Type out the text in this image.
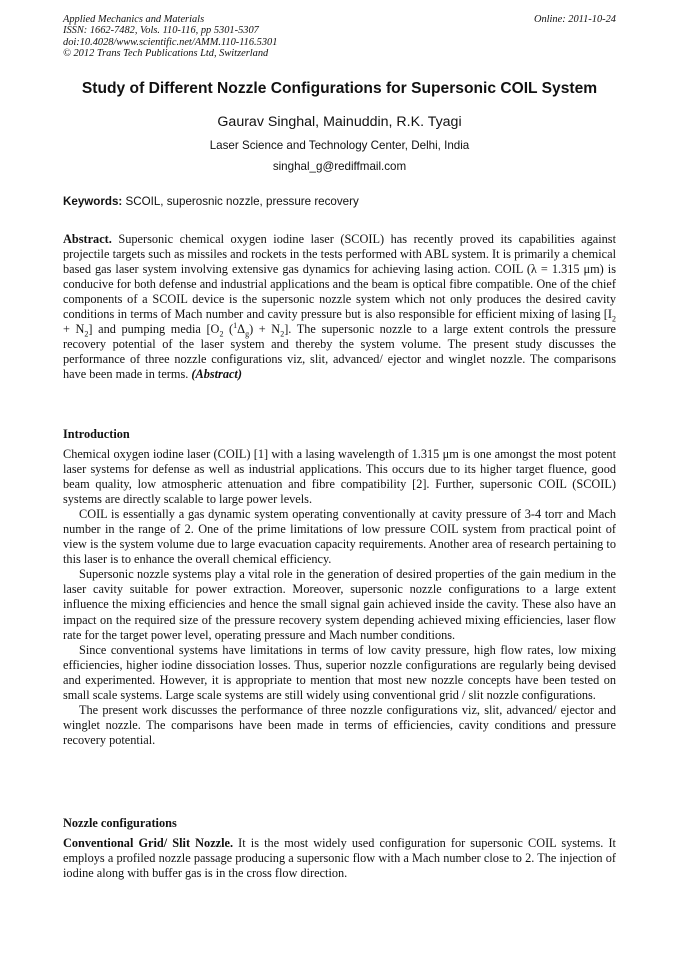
Applied Mechanics and Materials
ISSN: 1662-7482, Vols. 110-116, pp 5301-5307
doi:10.4028/www.scientific.net/AMM.110-116.5301
© 2012 Trans Tech Publications Ltd, Switzerland
Online: 2011-10-24
Study of Different Nozzle Configurations for Supersonic COIL System
Gaurav Singhal, Mainuddin, R.K. Tyagi
Laser Science and Technology Center, Delhi, India
singhal_g@rediffmail.com
Keywords: SCOIL, superosnic nozzle, pressure recovery

Abstract. Supersonic chemical oxygen iodine laser (SCOIL) has recently proved its capabilities against projectile targets such as missiles and rockets in the tests performed with ABL system. It is primarily a chemical based gas laser system involving extensive gas dynamics for achieving lasing action. COIL (λ = 1.315 μm) is conducive for both defense and industrial applications and the beam is optical fibre compatible. One of the chief components of a SCOIL device is the supersonic nozzle system which not only produces the desired cavity conditions in terms of Mach number and cavity pressure but is also responsible for efficient mixing of lasing $[I_2 + N_2]$ and pumping media [$O_2$ $(^1\Delta_g) + N_2$]. The supersonic nozzle to a large extent controls the pressure recovery potential of the laser system and thereby the system volume. The present study discusses the performance of three nozzle configurations viz, slit, advanced/ ejector and winglet nozzle. The comparisons have been made in terms. (Abstract)

Introduction

Chemical oxygen iodine laser (COIL) [1] with a lasing wavelength of 1.315 μm is one amongst the most potent laser systems for defense as well as industrial applications. This occurs due to its higher target fluence, good beam quality, low atmospheric attenuation and fibre compatibility [2]. Further, supersonic COIL (SCOIL) systems are directly scalable to large power levels.

COIL is essentially a gas dynamic system operating conventionally at cavity pressure of 3-4 torr and Mach number in the range of 2. One of the prime limitations of low pressure COIL system from practical point of view is the system volume due to large evacuation capacity requirements. Another area of research pertaining to this laser is to enhance the overall chemical efficiency.

Supersonic nozzle systems play a vital role in the generation of desired properties of the gain medium in the laser cavity suitable for power extraction. Moreover, supersonic nozzle configurations to a large extent influence the mixing efficiencies and hence the small signal gain achieved inside the cavity. These also have an impact on the required size of the pressure recovery system depending achieved mixing efficiencies, laser flow rate for the target power level, operating pressure and Mach number conditions.

Since conventional systems have limitations in terms of low cavity pressure, high flow rates, low mixing efficiencies, higher iodine dissociation losses. Thus, superior nozzle configurations are regularly being devised and experimented. However, it is appropriate to mention that most new nozzle concepts have been tested on small scale systems. Large scale systems are still widely using conventional grid / slit nozzle configurations.

The present work discusses the performance of three nozzle configurations viz, slit, advanced/ ejector and winglet nozzle. The comparisons have been made in terms of efficiencies, cavity conditions and pressure recovery potential.

Nozzle configurations

Conventional Grid/ Slit Nozzle. It is the most widely used configuration for supersonic COIL systems. It employs a profiled nozzle passage producing a supersonic flow with a Mach number close to 2. The injection of iodine along with buffer gas is in the cross flow direction.
